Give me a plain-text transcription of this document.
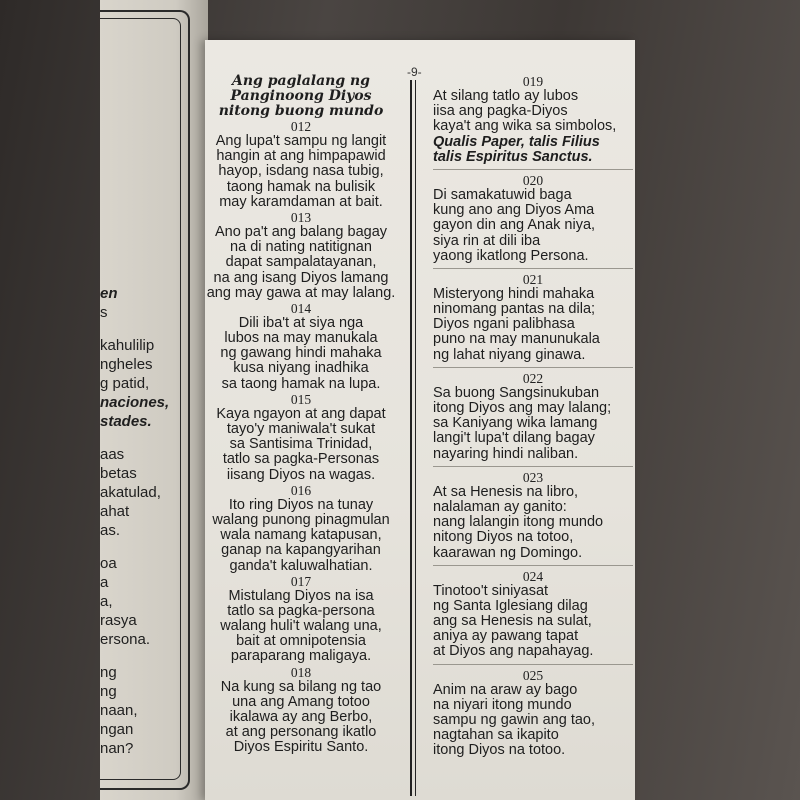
en
s
kahulilip
ngheles
g patid,
naciones,
stades.
aas
betas
akatulad,
ahat
as.
oa
a
a,
rasya
ersona.
ng
ng
naan,
ngan
nan?
-9-
Ang paglalang ng
Panginoong Diyos
nitong buong mundo
012
Ang lupa't sampu ng langit
hangin at ang himpapawid
hayop, isdang nasa tubig,
taong hamak na bulisik
may karamdaman at bait.
013
Ano pa't ang balang bagay
na di nating natitignan
dapat sampalatayanan,
na ang isang Diyos lamang
ang may gawa at may lalang.
014
Dili iba't at siya nga
lubos na may manukala
ng gawang hindi mahaka
kusa niyang inadhika
sa taong hamak na lupa.
015
Kaya ngayon at ang dapat
tayo'y maniwala't sukat
sa Santisima Trinidad,
tatlo sa pagka-Personas
iisang Diyos na wagas.
016
Ito ring Diyos na tunay
walang punong pinagmulan
wala namang katapusan,
ganap na kapangyarihan
ganda't kaluwalhatian.
017
Mistulang Diyos na isa
tatlo sa pagka-persona
walang huli't walang una,
bait at omnipotensia
paraparang maligaya.
018
Na kung sa bilang ng tao
una ang Amang totoo
ikalawa ay ang Berbo,
at ang personang ikatlo
Diyos Espiritu Santo.
019
At silang tatlo ay lubos
iisa ang pagka-Diyos
kaya't ang wika sa simbolos,
Qualis Paper, talis Filius
talis Espiritus Sanctus.
020
Di samakatuwid baga
kung ano ang Diyos Ama
gayon din ang Anak niya,
siya rin at dili iba
yaong ikatlong Persona.
021
Misteryong hindi mahaka
ninomang pantas na dila;
Diyos ngani palibhasa
puno na may manunukala
ng lahat niyang ginawa.
022
Sa buong Sangsinukuban
itong Diyos ang may lalang;
sa Kaniyang wika lamang
langi't lupa't dilang bagay
nayaring hindi naliban.
023
At sa Henesis na libro,
nalalaman ay ganito:
nang lalangin itong mundo
nitong Diyos na totoo,
kaarawan ng Domingo.
024
Tinotoo't siniyasat
ng Santa Iglesiang dilag
ang sa Henesis na sulat,
aniya ay pawang tapat
at Diyos ang napahayag.
025
Anim na araw ay bago
na niyari itong mundo
sampu ng gawin ang tao,
nagtahan sa ikapito
itong Diyos na totoo.
